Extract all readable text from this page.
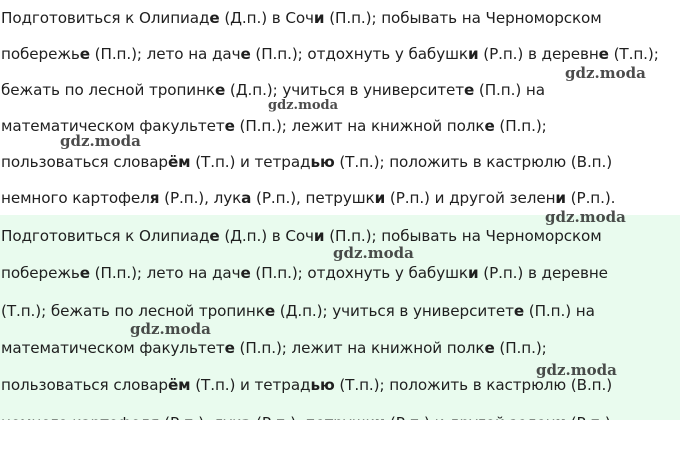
Подготовиться к Олипиаде (Д.п.) в Сочи (П.п.); побывать на Черноморском
побережье (П.п.); лето на даче (П.п.); отдохнуть у бабушки (Р.п.) в деревне (Т.п.);
бежать по лесной тропинке (Д.п.); учиться в университете (П.п.) на
математическом факультете (П.п.); лежит на книжной полке (П.п.);
пользоваться словарём (Т.п.) и тетрадью (Т.п.); положить в кастрюлю (В.п.)
немного картофеля (Р.п.), лука (Р.п.), петрушки (Р.п.) и другой зелени (Р.п.).
Подготовиться к Олипиаде (Д.п.) в Сочи (П.п.); побывать на Черноморском
побережье (П.п.); лето на даче (П.п.); отдохнуть у бабушки (Р.п.) в деревне
(Т.п.); бежать по лесной тропинке (Д.п.); учиться в университете (П.п.) на
математическом факультете (П.п.); лежит на книжной полке (П.п.);
пользоваться словарём (Т.п.) и тетрадью (Т.п.); положить в кастрюлю (В.п.)
gdz.moda
gdz.moda
gdz.moda
gdz.moda
gdz.moda
gdz.moda
gdz.moda
